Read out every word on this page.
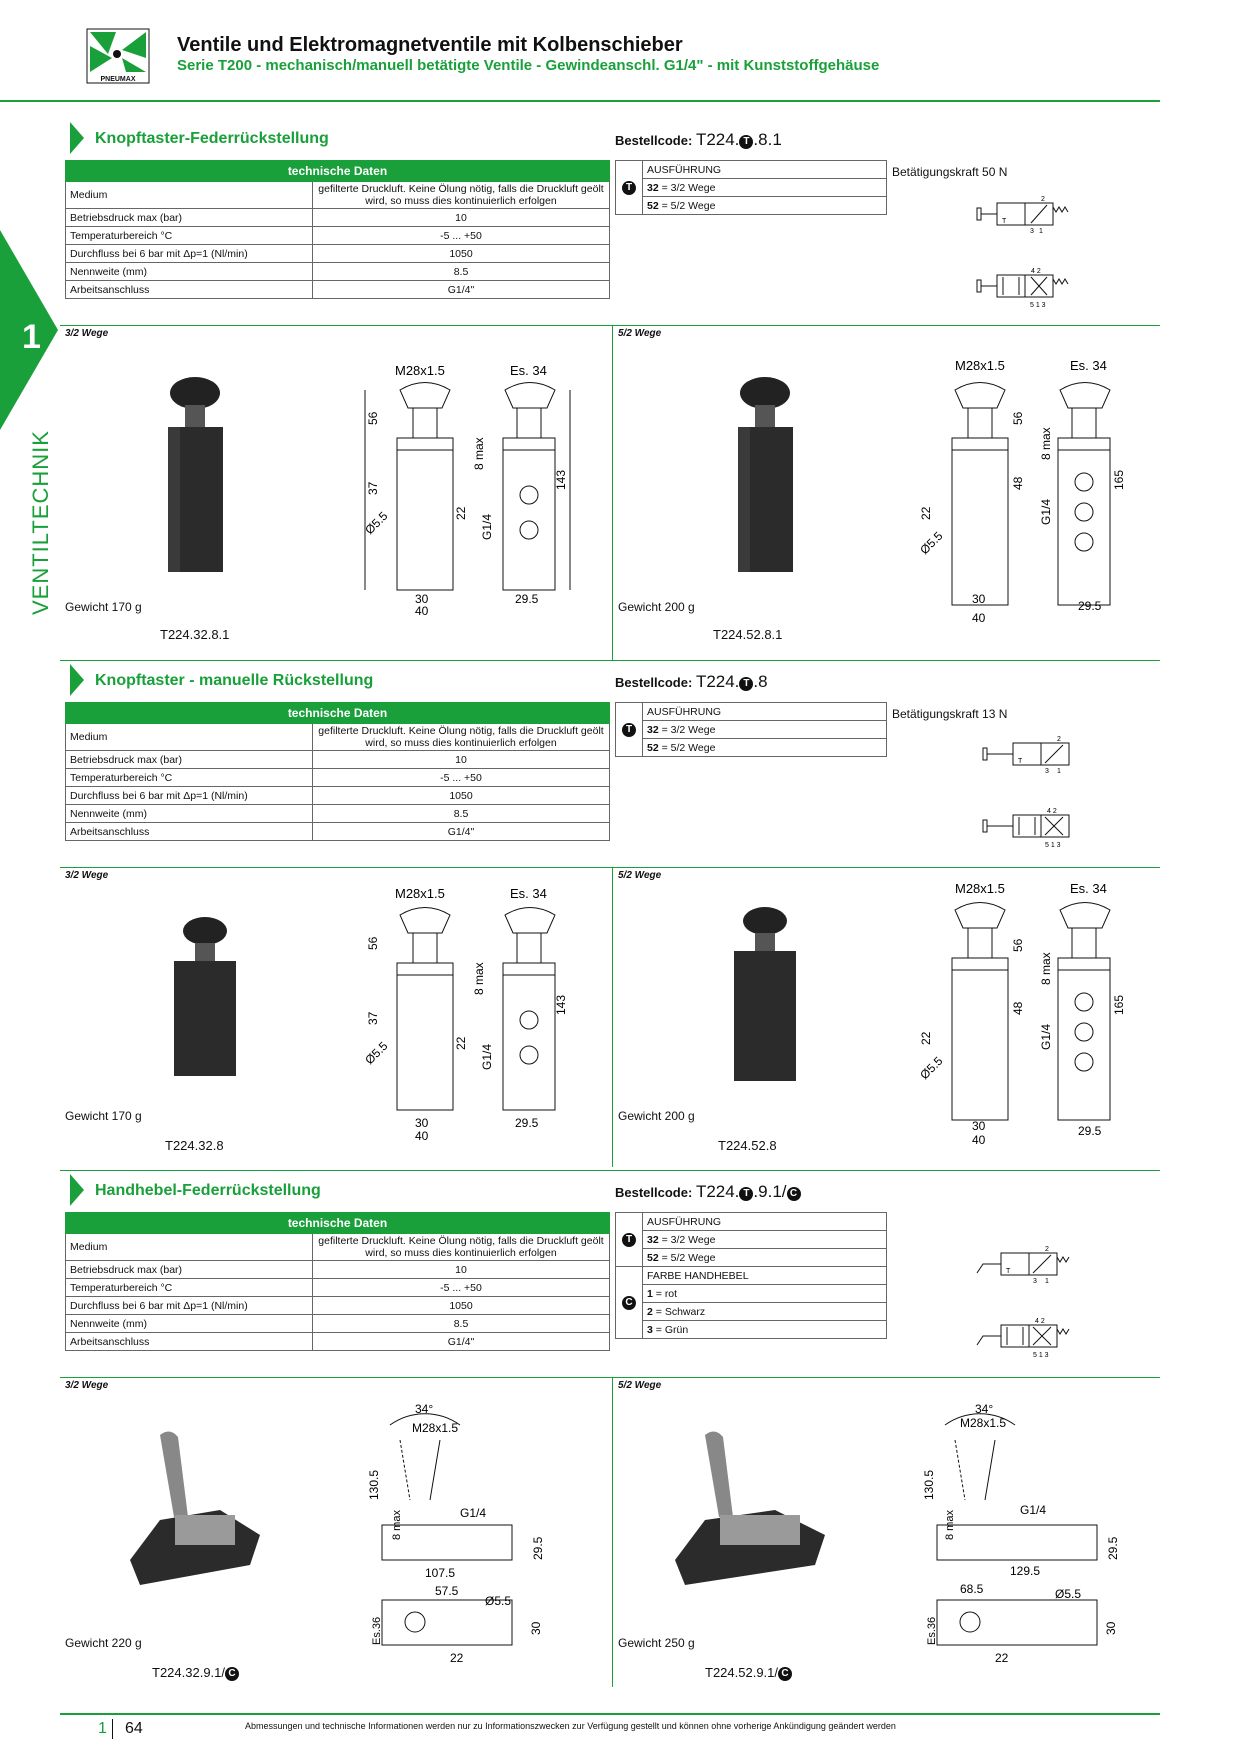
PNEUMAX
Ventile und Elektromagnetventile mit Kolbenschieber
Serie T200 - mechanisch/manuell betätigte Ventile - Gewindeanschl. G1/4" - mit Kunststoffgehäuse
1
VENTILTECHNIK
Knopftaster-Federrückstellung	Bestellcode: T224. T .8.1
technische Daten	
Medium	gefilterte Druckluft. Keine Ölung nötig, falls die Druckluft geölt wird, so muss dies kontinuierlich erfolgen
Betriebsdruck max (bar)	10
Temperaturbereich °C	-5 ... +50
Durchfluss bei 6 bar mit Δp=1 (Nl/min)	1050
Nennweite (mm)	8.5
Arbeitsanschluss	G1/4"
T	AUSFÜHRUNG
32 = 3/2 Wege
52 = 5/2 Wege
Betätigungskraft 50 N
T
3 1
2
5 1 3
4 2
3/2 Wege	5/2 Wege
M28x1.5	Es. 34
56
37
8 max
143
22
G1/4
Ø5.5
30
40
29.5
M28x1.5	Es. 34
56
8 max
48	165
22	G1/4
Ø5.5
30
40
29.5
Gewicht 170 g	Gewicht 200 g
T224.32.8.1	T224.52.8.1
Knopftaster - manuelle Rückstellung	Bestellcode: T224. T .8
technische Daten	
Medium	gefilterte Druckluft. Keine Ölung nötig, falls die Druckluft geölt wird, so muss dies kontinuierlich erfolgen
Betriebsdruck max (bar)	10
Temperaturbereich °C	-5 ... +50
Durchfluss bei 6 bar mit Δp=1 (Nl/min)	1050
Nennweite (mm)	8.5
Arbeitsanschluss	G1/4"
T	AUSFÜHRUNG
32 = 3/2 Wege
52 = 5/2 Wege
Betätigungskraft 13 N
T
3 1
2
5 1 3
4 2
3/2 Wege	5/2 Wege
M28x1.5	Es. 34
56
37
8 max
143
22
G1/4
Ø5.5
30
40
29.5
M28x1.5	Es. 34
56
8 max
48	165
22	G1/4
Ø5.5
30
40
29.5
Gewicht 170 g	Gewicht 200 g
T224.32.8	T224.52.8
Handhebel-Federrückstellung	Bestellcode: T224. T .9.1/ C
technische Daten	
Medium	gefilterte Druckluft. Keine Ölung nötig, falls die Druckluft geölt wird, so muss dies kontinuierlich erfolgen
Betriebsdruck max (bar)	10
Temperaturbereich °C	-5 ... +50
Durchfluss bei 6 bar mit Δp=1 (Nl/min)	1050
Nennweite (mm)	8.5
Arbeitsanschluss	G1/4"
T	AUSFÜHRUNG
	32 = 3/2 Wege
	52 = 5/2 Wege
C	FARBE HANDHEBEL
	1 = rot
	2 = Schwarz
	3 = Grün
T
3 1
2
5 1 3
4 2
3/2 Wege	5/2 Wege
34°
M28x1.5
130.5
G1/4
8 max
29.5
107.5
57.5
Ø5.5
Es.36	30
22
34°
M28x1.5
130.5
G1/4
8 max
29.5
129.5
68.5	Ø5.5
Es.36	30
22
Gewicht 220 g	Gewicht 250 g
T224.32.9.1/ C	T224.52.9.1/ C
1 64	Abmessungen und technische Informationen werden nur zu Informationszwecken zur Verfügung gestellt und können ohne vorherige Ankündigung geändert werden
